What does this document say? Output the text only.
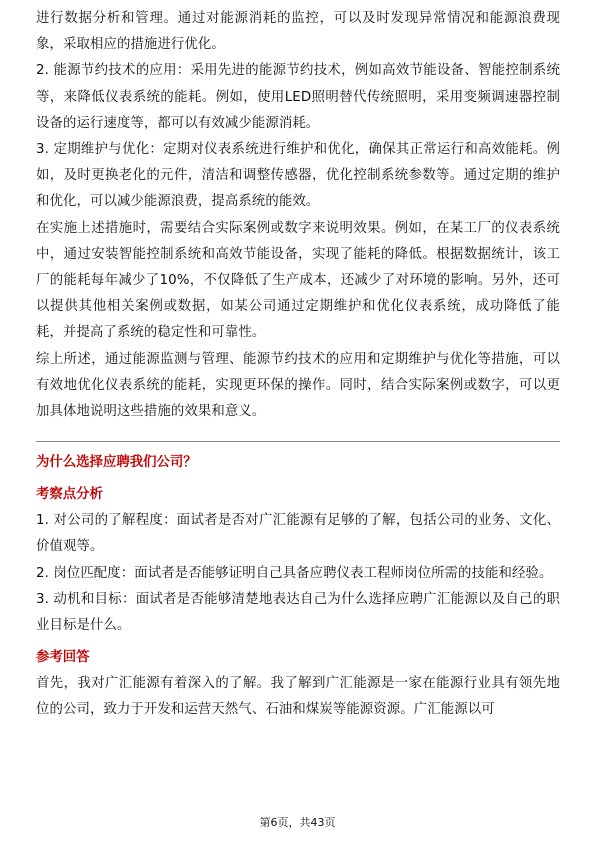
进行数据分析和管理。通过对能源消耗的监控，可以及时发现异常情况和能源浪费现象，采取相应的措施进行优化。

2. 能源节约技术的应用：采用先进的能源节约技术，例如高效节能设备、智能控制系统等，来降低仪表系统的能耗。例如，使用LED照明替代传统照明，采用变频调速器控制设备的运行速度等，都可以有效减少能源消耗。

3. 定期维护与优化：定期对仪表系统进行维护和优化，确保其正常运行和高效能耗。例如，及时更换老化的元件，清洁和调整传感器，优化控制系统参数等。通过定期的维护和优化，可以减少能源浪费，提高系统的能效。

在实施上述措施时，需要结合实际案例或数字来说明效果。例如，在某工厂的仪表系统中，通过安装智能控制系统和高效节能设备，实现了能耗的降低。根据数据统计，该工厂的能耗每年减少了10%，不仅降低了生产成本，还减少了对环境的影响。另外，还可以提供其他相关案例或数据，如某公司通过定期维护和优化仪表系统，成功降低了能耗，并提高了系统的稳定性和可靠性。

综上所述，通过能源监测与管理、能源节约技术的应用和定期维护与优化等措施，可以有效地优化仪表系统的能耗，实现更环保的操作。同时，结合实际案例或数字，可以更加具体地说明这些措施的效果和意义。

为什么选择应聘我们公司？

考察点分析

1. 对公司的了解程度：面试者是否对广汇能源有足够的了解，包括公司的业务、文化、价值观等。

2. 岗位匹配度：面试者是否能够证明自己具备应聘仪表工程师岗位所需的技能和经验。

3. 动机和目标：面试者是否能够清楚地表达自己为什么选择应聘广汇能源以及自己的职业目标是什么。

参考回答

首先，我对广汇能源有着深入的了解。我了解到广汇能源是一家在能源行业具有领先地位的公司，致力于开发和运营天然气、石油和煤炭等能源资源。广汇能源以可

第6页，共43页
